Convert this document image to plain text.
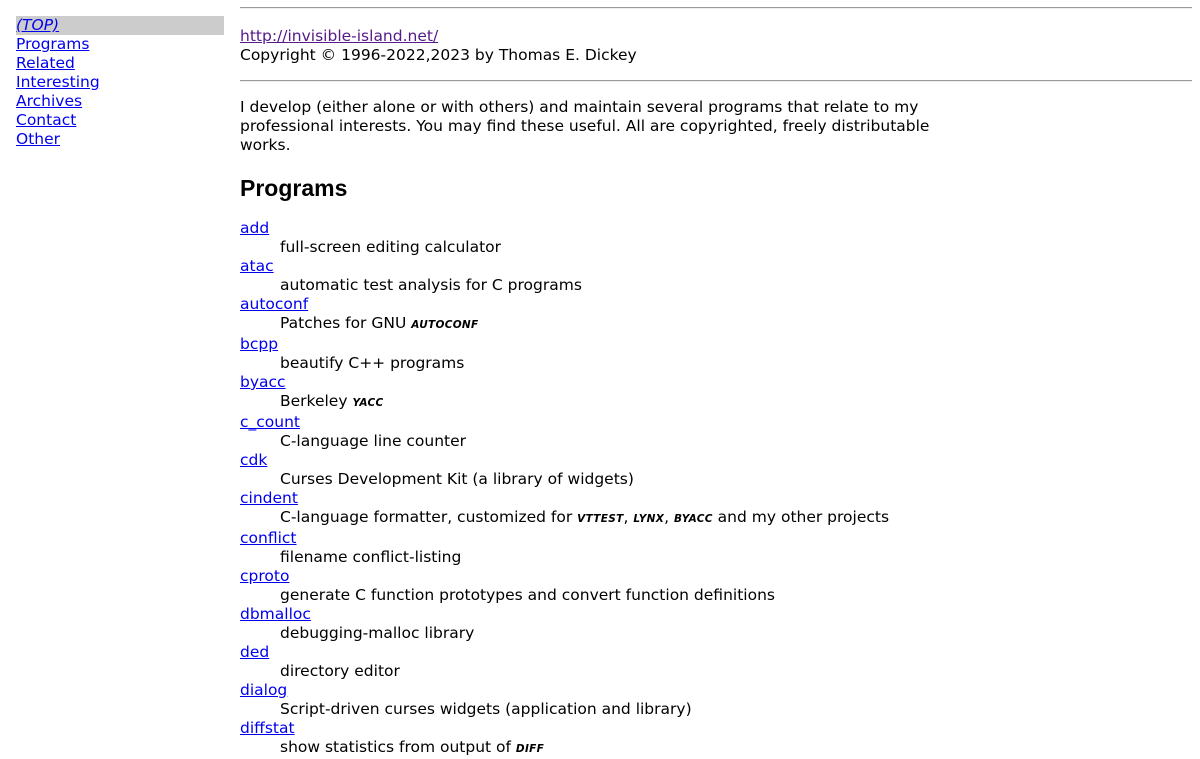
(TOP)
Programs
Related
Interesting
Archives
Contact
Other
http://invisible-island.net/
Copyright © 1996-2022,2023 by Thomas E. Dickey
I develop (either alone or with others) and maintain several programs that relate to my professional interests. You may find these useful. All are copyrighted, freely distributable works.
Programs
add
full-screen editing calculator
atac
automatic test analysis for C programs
autoconf
Patches for GNU AUTOCONF
bcpp
beautify C++ programs
byacc
Berkeley YACC
c_count
C-language line counter
cdk
Curses Development Kit (a library of widgets)
cindent
C-language formatter, customized for VTTEST, LYNX, BYACC and my other projects
conflict
filename conflict-listing
cproto
generate C function prototypes and convert function definitions
dbmalloc
debugging-malloc library
ded
directory editor
dialog
Script-driven curses widgets (application and library)
diffstat
show statistics from output of DIFF
